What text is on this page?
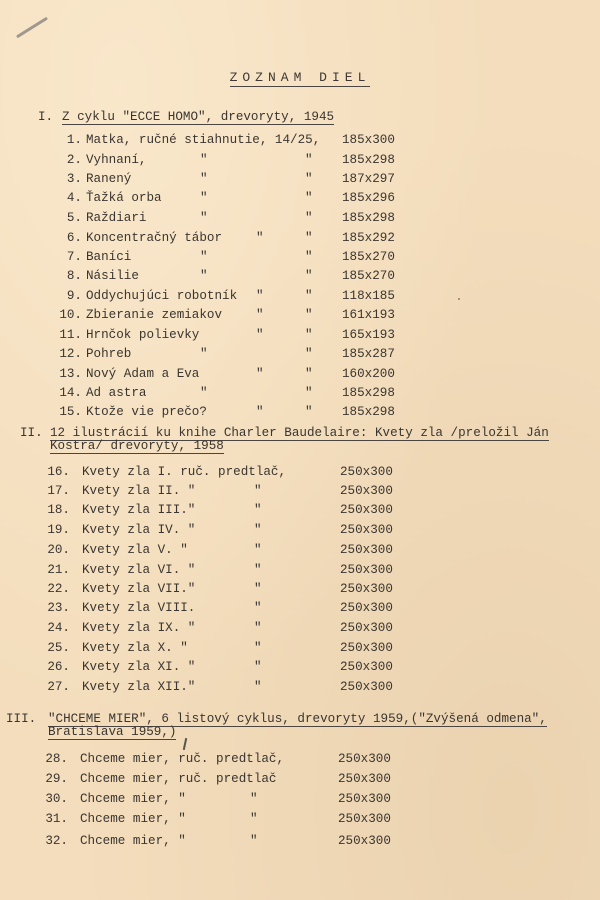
ZOZNAM DIEL
I. Z cyklu "ECCE HOMO", drevoryty, 1945
1. Matka, ručné stiahnutie, 14/25, 185x300
2. Vyhnaní,	"	" 185x298
3. Ranený	"	" 187x297
4. Ťažká orba	"	" 185x296
5. Raždiari	"	" 185x298
6. Koncentračný tábor	"	" 185x292
7. Baníci	"	" 185x270
8. Násilie	"	" 185x270
9. Oddychujúci robotník "	" 118x185
10. Zbieranie zemiakov	"	" 161x193
11. Hrnčok polievky	"	" 165x193
12. Pohreb	"	" 185x287
13. Nový Adam a Eva	"	" 160x200
14. Ad astra	"	" 185x298
15. Ktože vie prečo?	"	" 185x298
II. 12 ilustrácií ku knihe Charler Baudelaire: Kvety zla /preložil Ján
Kostra/ drevoryty, 1958
16. Kvety zla I. ruč. predtlač,	250x300
17. Kvety zla II. "	"	250x300
18. Kvety zla III."	"	250x300
19. Kvety zla IV. "	"	250x300
20. Kvety zla V. "	"	250x300
21. Kvety zla VI. "	"	250x300
22. Kvety zla VII."	"	250x300
23. Kvety zla VIII.	"	250x300
24. Kvety zla IX. "	"	250x300
25. Kvety zla X. "	"	250x300
26. Kvety zla XI. "	"	250x300
27. Kvety zla XII."	"	250x300
III. "CHCEME MIER", 6 listový cyklus, drevoryty 1959,("Zvýšená odmena",
Bratislava 1959,)
28. Chceme mier, ruč. predtlač,	250x300
29. Chceme mier, ruč. predtlač	250x300
30. Chceme mier, "	"	250x300
31. Chceme mier, "	"	250x300
32. Chceme mier, "	"	250x300
